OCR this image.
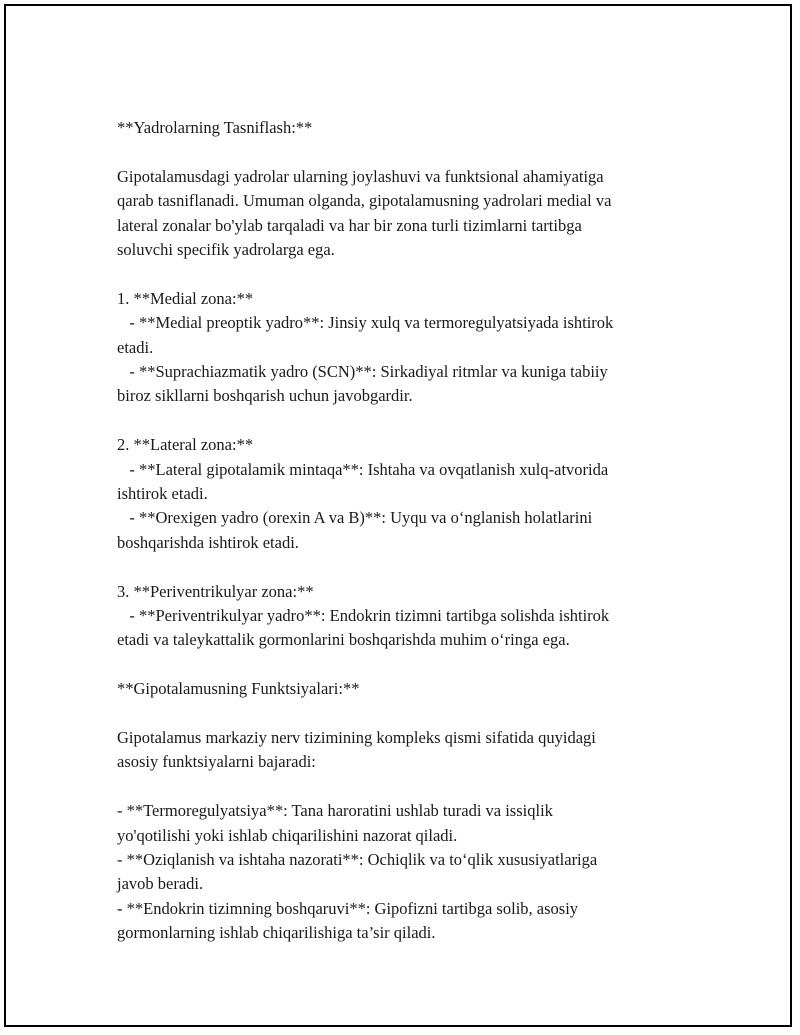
**Yadrolarning Tasniflash:**
Gipotalamusdagi yadrolar ularning joylashuvi va funktsional ahamiyatiga
qarab tasniflanadi. Umuman olganda, gipotalamusning yadrolari medial va
lateral zonalar bo'ylab tarqaladi va har bir zona turli tizimlarni tartibga
soluvchi specifik yadrolarga ega.
1. **Medial zona:**
- **Medial preoptik yadro**: Jinsiy xulq va termoregulyatsiyada ishtirok
etadi.
- **Suprachiazmatik yadro (SCN)**: Sirkadiyal ritmlar va kuniga tabiiy
biroz sikllarni boshqarish uchun javobgardir.
2. **Lateral zona:**
- **Lateral gipotalamik mintaqa**: Ishtaha va ovqatlanish xulq-atvorida
ishtirok etadi.
- **Orexigen yadro (orexin A va B)**: Uyqu va o‘nglanish holatlarini
boshqarishda ishtirok etadi.
3. **Periventrikulyar zona:**
- **Periventrikulyar yadro**: Endokrin tizimni tartibga solishda ishtirok
etadi va taleykattalik gormonlarini boshqarishda muhim o‘ringa ega.
**Gipotalamusning Funktsiyalari:**
Gipotalamus markaziy nerv tizimining kompleks qismi sifatida quyidagi
asosiy funktsiyalarni bajaradi:
- **Termoregulyatsiya**: Tana haroratini ushlab turadi va issiqlik
yo'qotilishi yoki ishlab chiqarilishini nazorat qiladi.
- **Oziqlanish va ishtaha nazorati**: Ochiqlik va to‘qlik xususiyatlariga
javob beradi.
- **Endokrin tizimning boshqaruvi**: Gipofizni tartibga solib, asosiy
gormonlarning ishlab chiqarilishiga ta’sir qiladi.
